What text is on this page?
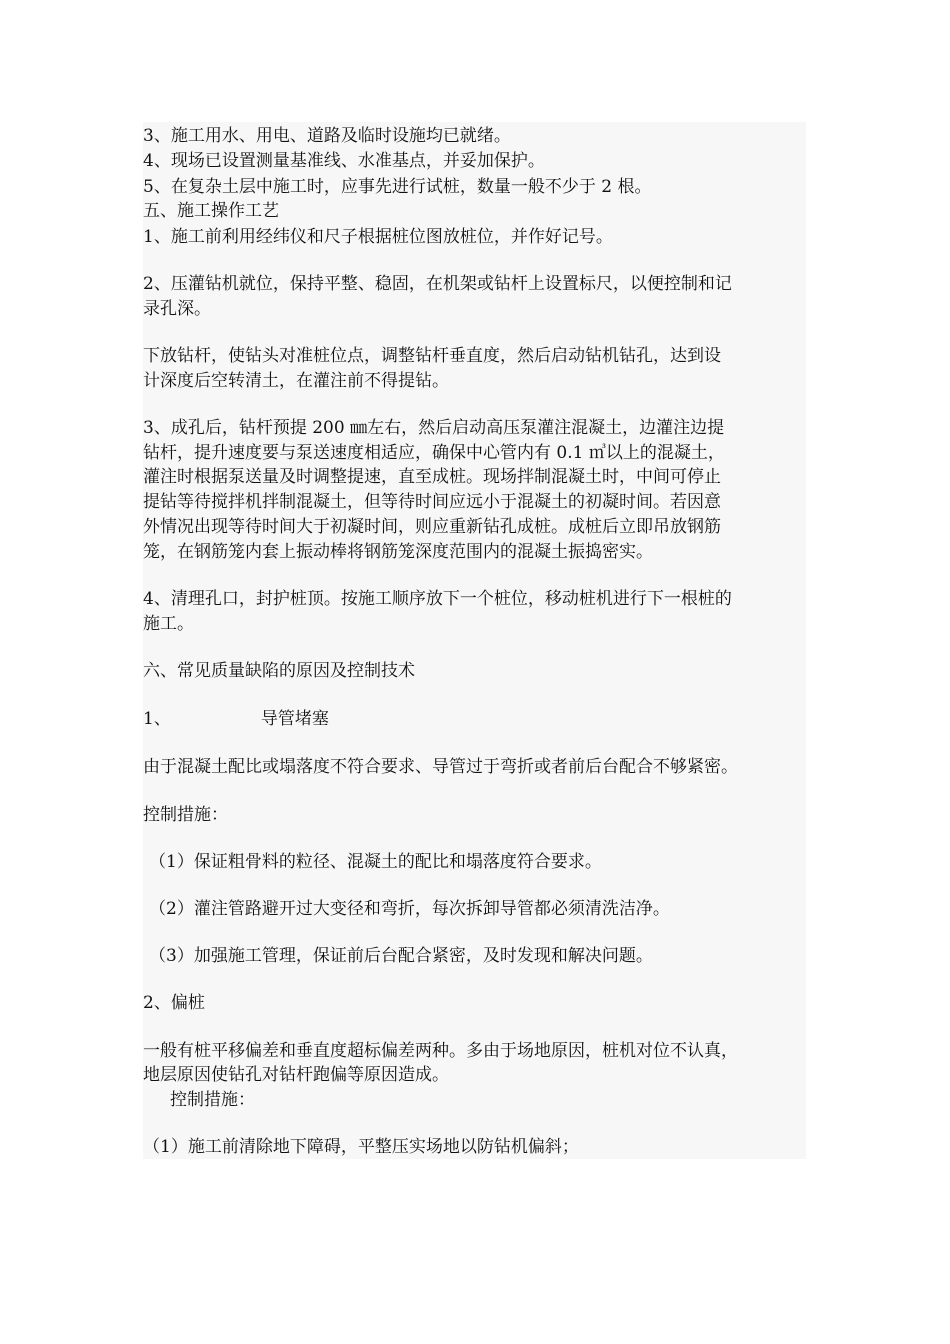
3、施工用水、用电、道路及临时设施均已就绪。
4、现场已设置测量基准线、水准基点，并妥加保护。
5、在复杂土层中施工时，应事先进行试桩，数量一般不少于 2 根。
五、施工操作工艺
1、施工前利用经纬仪和尺子根据桩位图放桩位，并作好记号。
2、压灌钻机就位，保持平整、稳固，在机架或钻杆上设置标尺，以便控制和记
录孔深。
下放钻杆，使钻头对准桩位点，调整钻杆垂直度，然后启动钻机钻孔，达到设
计深度后空转清土，在灌注前不得提钻。
3、成孔后，钻杆预提 200 ㎜左右，然后启动高压泵灌注混凝土，边灌注边提
钻杆，提升速度要与泵送速度相适应，确保中心管内有 0.1 ㎥以上的混凝土，
灌注时根据泵送量及时调整提速，直至成桩。现场拌制混凝土时，中间可停止
提钻等待搅拌机拌制混凝土，但等待时间应远小于混凝土的初凝时间。若因意
外情况出现等待时间大于初凝时间，则应重新钻孔成桩。成桩后立即吊放钢筋
笼，在钢筋笼内套上振动棒将钢筋笼深度范围内的混凝土振捣密实。
4、清理孔口，封护桩顶。按施工顺序放下一个桩位，移动桩机进行下一根桩的
施工。
六、常见质量缺陷的原因及控制技术
1、	导管堵塞
由于混凝土配比或塌落度不符合要求、导管过于弯折或者前后台配合不够紧密。
控制措施：
（1）保证粗骨料的粒径、混凝土的配比和塌落度符合要求。
（2）灌注管路避开过大变径和弯折，每次拆卸导管都必须清洗洁净。
（3）加强施工管理，保证前后台配合紧密，及时发现和解决问题。
2、偏桩
一般有桩平移偏差和垂直度超标偏差两种。多由于场地原因，桩机对位不认真，
地层原因使钻孔对钻杆跑偏等原因造成。
控制措施：
（1）施工前清除地下障碍，平整压实场地以防钻机偏斜；
